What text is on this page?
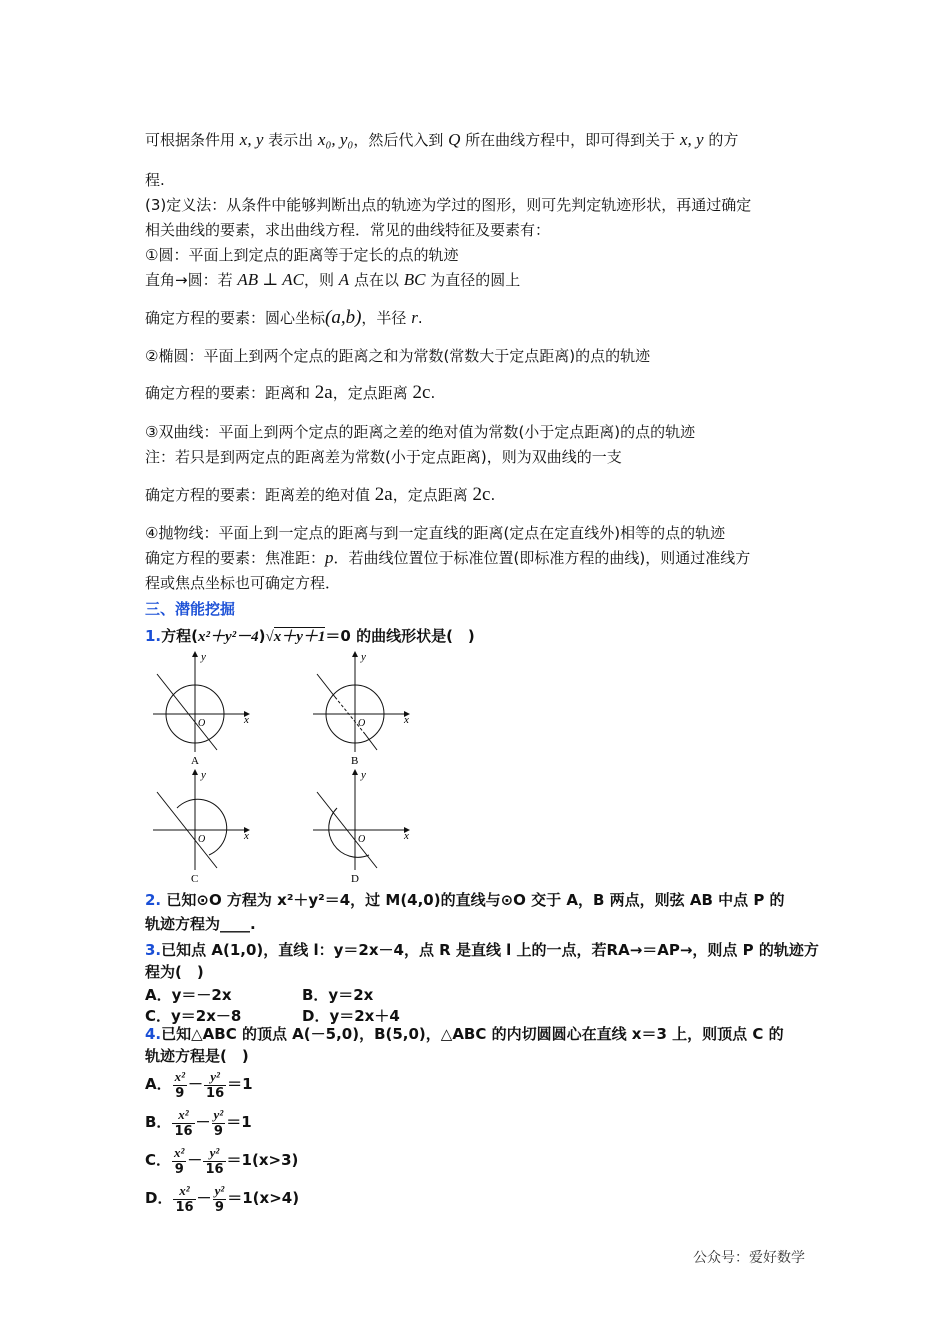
可根据条件用 x, y 表示出 x₀, y₀，然后代入到 Q 所在曲线方程中，即可得到关于 x, y 的方
程.
(3)定义法：从条件中能够判断出点的轨迹为学过的图形，则可先判定轨迹形状，再通过确定
相关曲线的要素，求出曲线方程．常见的曲线特征及要素有：
①圆：平面上到定点的距离等于定长的点的轨迹
直角→圆：若 AB ⊥ AC，则 A 点在以 BC 为直径的圆上
确定方程的要素：圆心坐标(a,b)，半径 r.
②椭圆：平面上到两个定点的距离之和为常数(常数大于定点距离)的点的轨迹
确定方程的要素：距离和 2a，定点距离 2c.
③双曲线：平面上到两个定点的距离之差的绝对值为常数(小于定点距离)的点的轨迹
注：若只是到两定点的距离差为常数(小于定点距离)，则为双曲线的一支
确定方程的要素：距离差的绝对值 2a，定点距离 2c.
④抛物线：平面上到一定点的距离与到一定直线的距离(定点在定直线外)相等的点的轨迹
确定方程的要素：焦准距：p．若曲线位置位于标准位置(即标准方程的曲线)，则通过准线方
程或焦点坐标也可确定方程．
三、潜能挖掘
1.方程(x²＋y²－4)√x＋y＋1＝0 的曲线形状是(　)
y
x
O
A
y
x
O
B
y
x
O
C
y
x
O
D
2. 已知⊙O 方程为 x²＋y²＝4，过 M(4,0)的直线与⊙O 交于 A，B 两点，则弦 AB 中点 P 的
轨迹方程为____.
3.已知点 A(1,0)，直线 l：y＝2x－4，点 R 是直线 l 上的一点，若RA→＝AP→，则点 P 的轨迹方
程为(　)
A．y＝－2x	B．y＝2x
C．y＝2x－8	D．y＝2x＋4
4.已知△ABC 的顶点 A(－5,0)，B(5,0)，△ABC 的内切圆圆心在直线 x＝3 上，则顶点 C 的
轨迹方程是(　)
A． $\frac{\text{x²}}{9} - \frac{\text{y²}}{16} =1$
B． $\frac{\text{x²}}{16} - \frac{\text{y²}}{9} =1$
C． $\frac{\text{x²}}{9} - \frac{\text{y²}}{16} =1(x>3)$
D． $\frac{\text{x²}}{16} - \frac{\text{y²}}{9} =1(x>4)$
公众号：爱好数学
